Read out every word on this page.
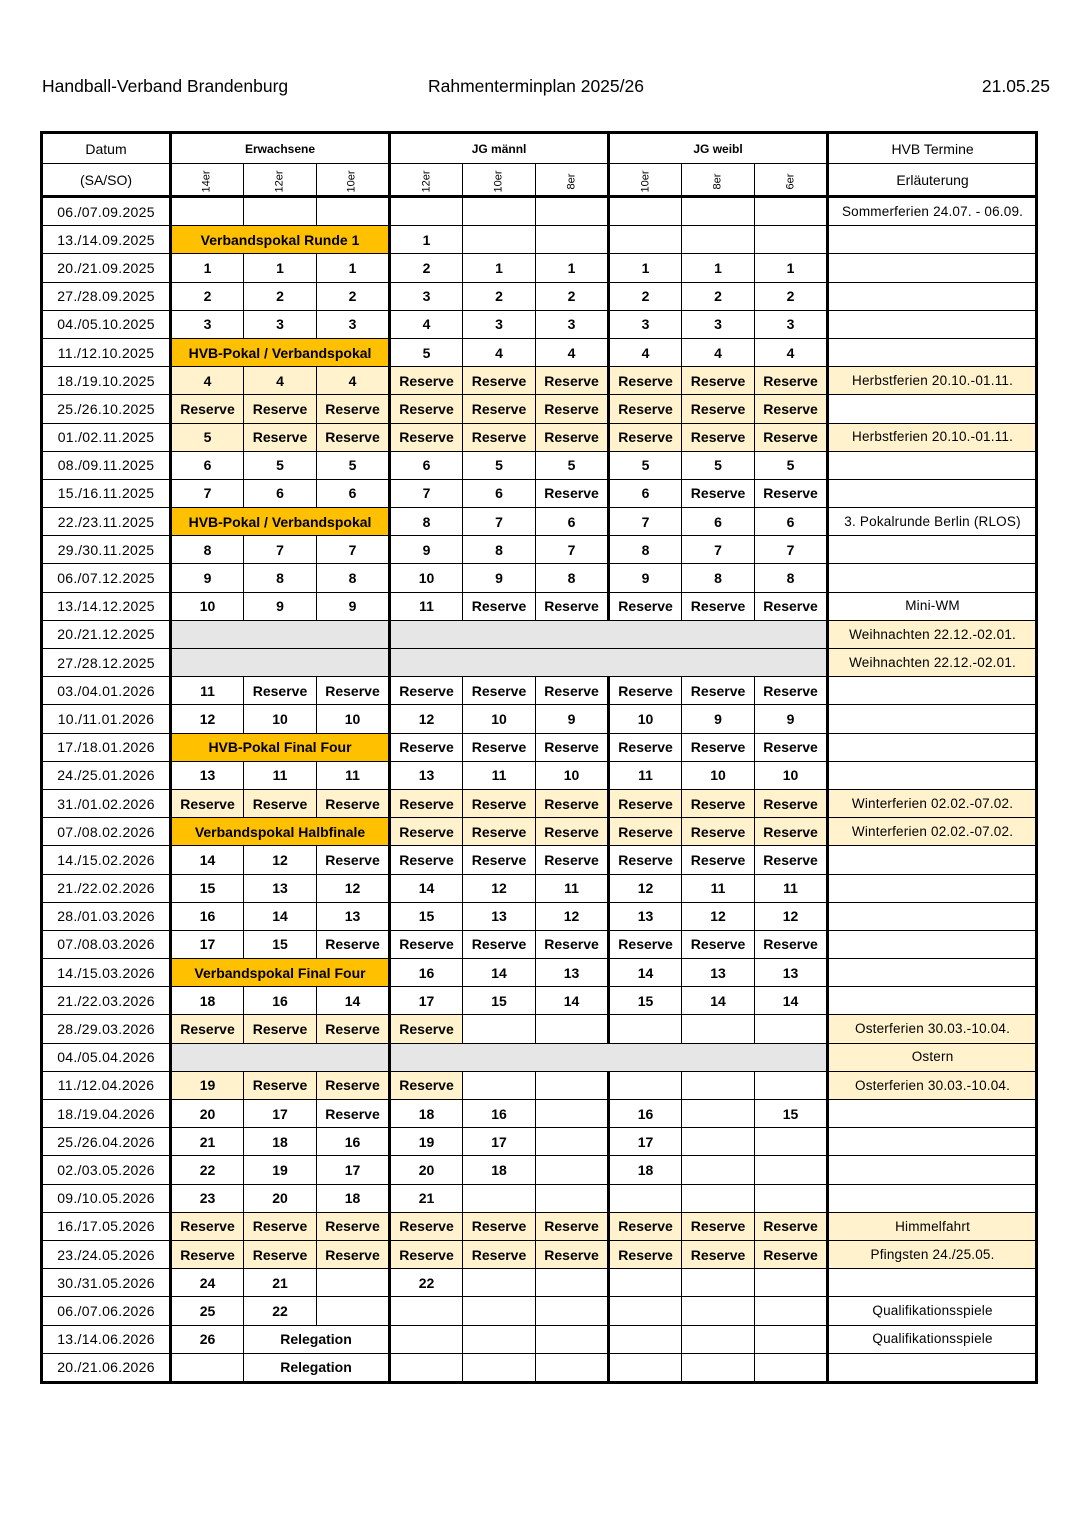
Handball-Verband Brandenburg	Rahmenterminplan 2025/26	21.05.25
Datum	Erwachsene			JG männl			JG weibl			HVB Termine	
(SA/SO)	14er	12er	10er	12er	10er	8er	10er	8er	6er	Erläuterung	
06./07.09.2025										Sommerferien 24.07. - 06.09.	
13./14.09.2025	Verbandspokal Runde 1			1							
20./21.09.2025	1	1	1	2	1	1	1	1	1		
27./28.09.2025	2	2	2	3	2	2	2	2	2		
04./05.10.2025	3	3	3	4	3	3	3	3	3		
11./12.10.2025	HVB-Pokal / Verbandspokal			5	4	4	4	4	4		
18./19.10.2025	4	4	4	Reserve	Reserve	Reserve	Reserve	Reserve	Reserve	Herbstferien 20.10.-01.11.	
25./26.10.2025	Reserve	Reserve	Reserve	Reserve	Reserve	Reserve	Reserve	Reserve	Reserve		
01./02.11.2025	5	Reserve	Reserve	Reserve	Reserve	Reserve	Reserve	Reserve	Reserve	Herbstferien 20.10.-01.11.	
08./09.11.2025	6	5	5	6	5	5	5	5	5		
15./16.11.2025	7	6	6	7	6	Reserve	6	Reserve	Reserve		
22./23.11.2025	HVB-Pokal / Verbandspokal			8	7	6	7	6	6	3. Pokalrunde Berlin (RLOS)	
29./30.11.2025	8	7	7	9	8	7	8	7	7		
06./07.12.2025	9	8	8	10	9	8	9	8	8		
13./14.12.2025	10	9	9	11	Reserve	Reserve	Reserve	Reserve	Reserve	Mini-WM	
20./21.12.2025										Weihnachten 22.12.-02.01.	
27./28.12.2025										Weihnachten 22.12.-02.01.	
03./04.01.2026	11	Reserve	Reserve	Reserve	Reserve	Reserve	Reserve	Reserve	Reserve		
10./11.01.2026	12	10	10	12	10	9	10	9	9		
17./18.01.2026	HVB-Pokal Final Four			Reserve	Reserve	Reserve	Reserve	Reserve	Reserve		
24./25.01.2026	13	11	11	13	11	10	11	10	10		
31./01.02.2026	Reserve	Reserve	Reserve	Reserve	Reserve	Reserve	Reserve	Reserve	Reserve	Winterferien 02.02.-07.02.	
07./08.02.2026	Verbandspokal Halbfinale			Reserve	Reserve	Reserve	Reserve	Reserve	Reserve	Winterferien 02.02.-07.02.	
14./15.02.2026	14	12	Reserve	Reserve	Reserve	Reserve	Reserve	Reserve	Reserve		
21./22.02.2026	15	13	12	14	12	11	12	11	11		
28./01.03.2026	16	14	13	15	13	12	13	12	12		
07./08.03.2026	17	15	Reserve	Reserve	Reserve	Reserve	Reserve	Reserve	Reserve		
14./15.03.2026	Verbandspokal Final Four			16	14	13	14	13	13		
21./22.03.2026	18	16	14	17	15	14	15	14	14		
28./29.03.2026	Reserve	Reserve	Reserve	Reserve						Osterferien 30.03.-10.04.	
04./05.04.2026										Ostern	
11./12.04.2026	19	Reserve	Reserve	Reserve						Osterferien 30.03.-10.04.	
18./19.04.2026	20	17	Reserve	18	16		16		15		
25./26.04.2026	21	18	16	19	17		17				
02./03.05.2026	22	19	17	20	18		18				
09./10.05.2026	23	20	18	21							
16./17.05.2026	Reserve	Reserve	Reserve	Reserve	Reserve	Reserve	Reserve	Reserve	Reserve	Himmelfahrt	
23./24.05.2026	Reserve	Reserve	Reserve	Reserve	Reserve	Reserve	Reserve	Reserve	Reserve	Pfingsten 24./25.05.	
30./31.05.2026	24	21		22							
06./07.06.2026	25	22								Qualifikationsspiele	
13./14.06.2026	26	Relegation								Qualifikationsspiele	
20./21.06.2026		Relegation									
